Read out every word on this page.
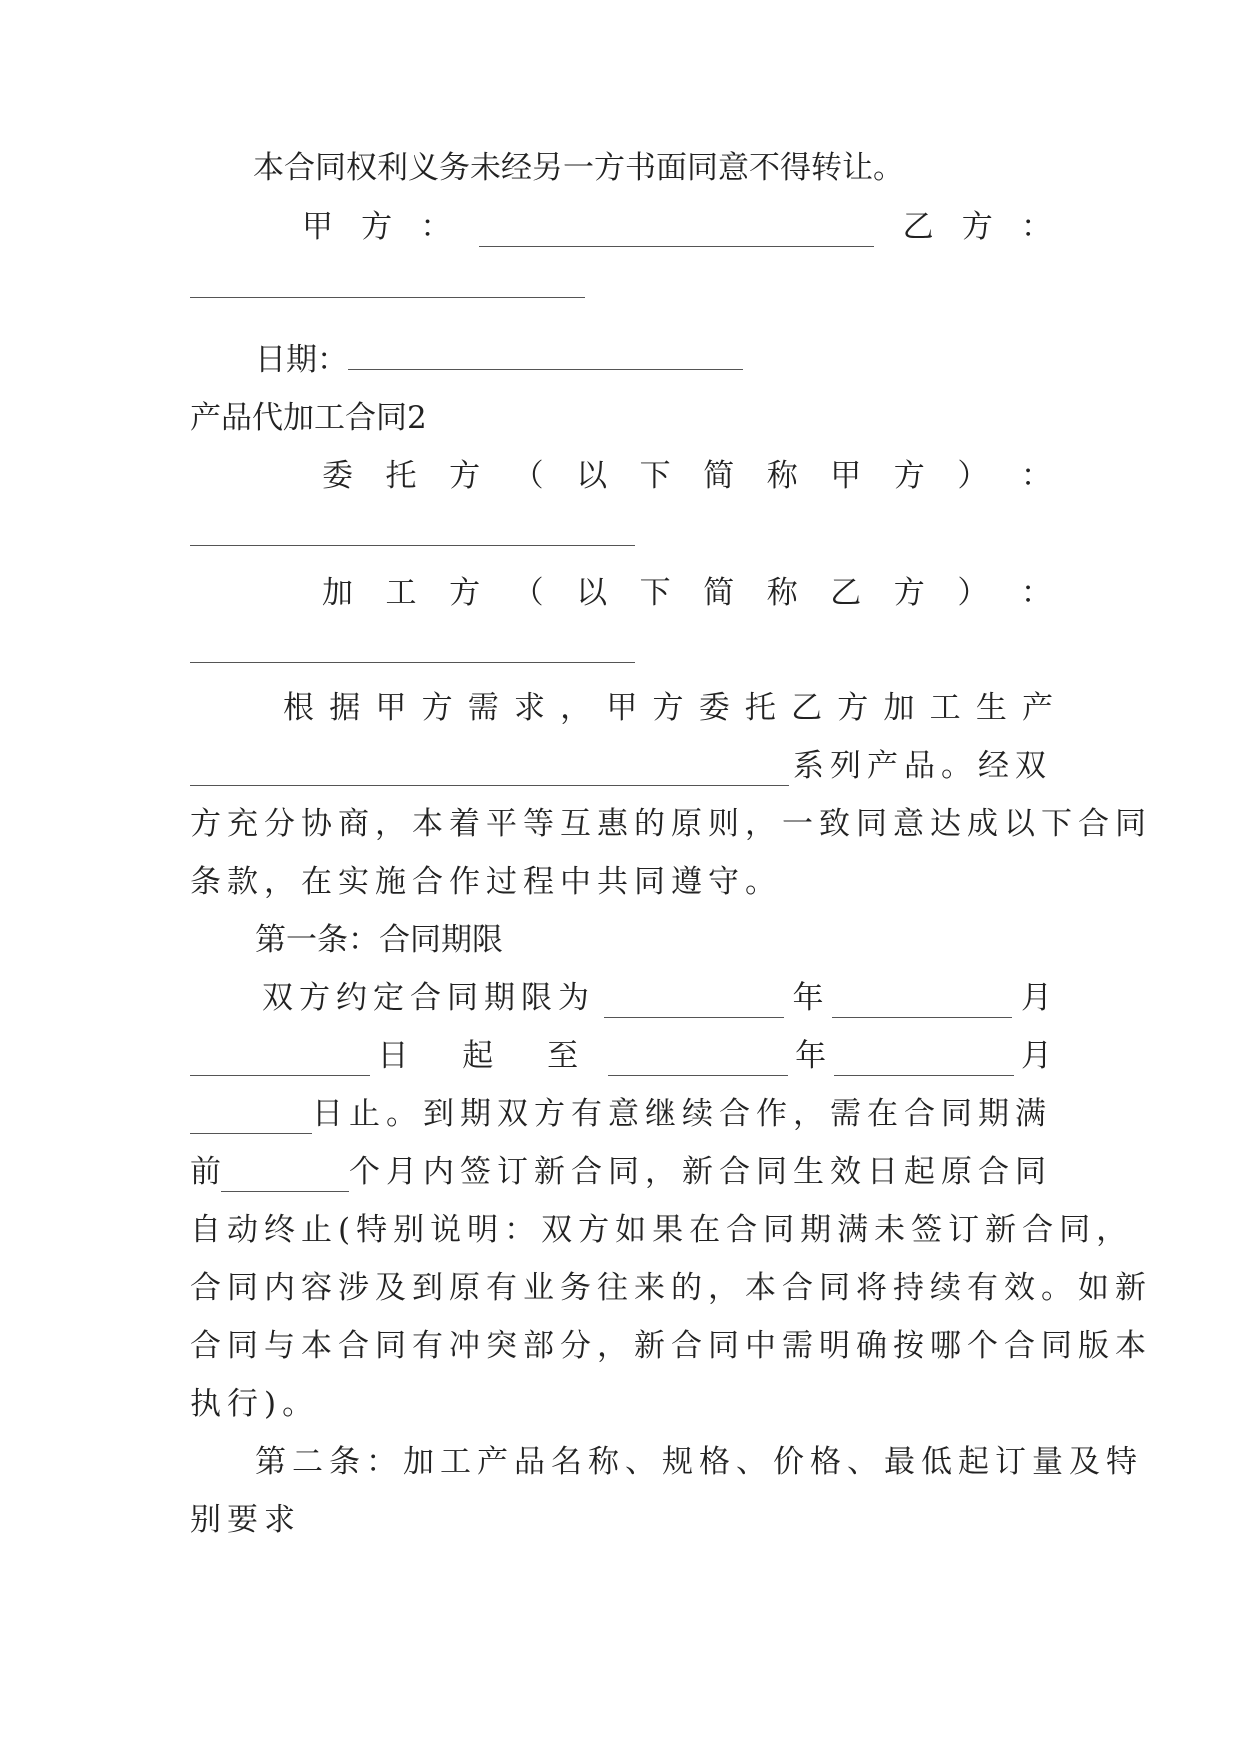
本合同权利义务未经另一方书面同意不得转让。
甲 方 ：	乙 方 ：
日期：
产品代加工合同2
委 托 方 （ 以 下 简 称 甲 方 ） ：
加 工 方 （ 以 下 简 称 乙 方 ） ：
根 据 甲 方 需 求 ， 甲 方 委 托 乙 方 加 工 生 产
系列产品。经双
方充分协商，本着平等互惠的原则，一致同意达成以下合同
条款，在实施合作过程中共同遵守。
第一条：合同期限
双方约定合同期限为	年	月
日 起 至	年	月
日止。到期双方有意继续合作，需在合同期满
前	个月内签订新合同，新合同生效日起原合同
自动终止(特别说明：双方如果在合同期满未签订新合同，
合同内容涉及到原有业务往来的，本合同将持续有效。如新
合同与本合同有冲突部分，新合同中需明确按哪个合同版本
执行)。
第二条：加工产品名称、规格、价格、最低起订量及特
别要求
